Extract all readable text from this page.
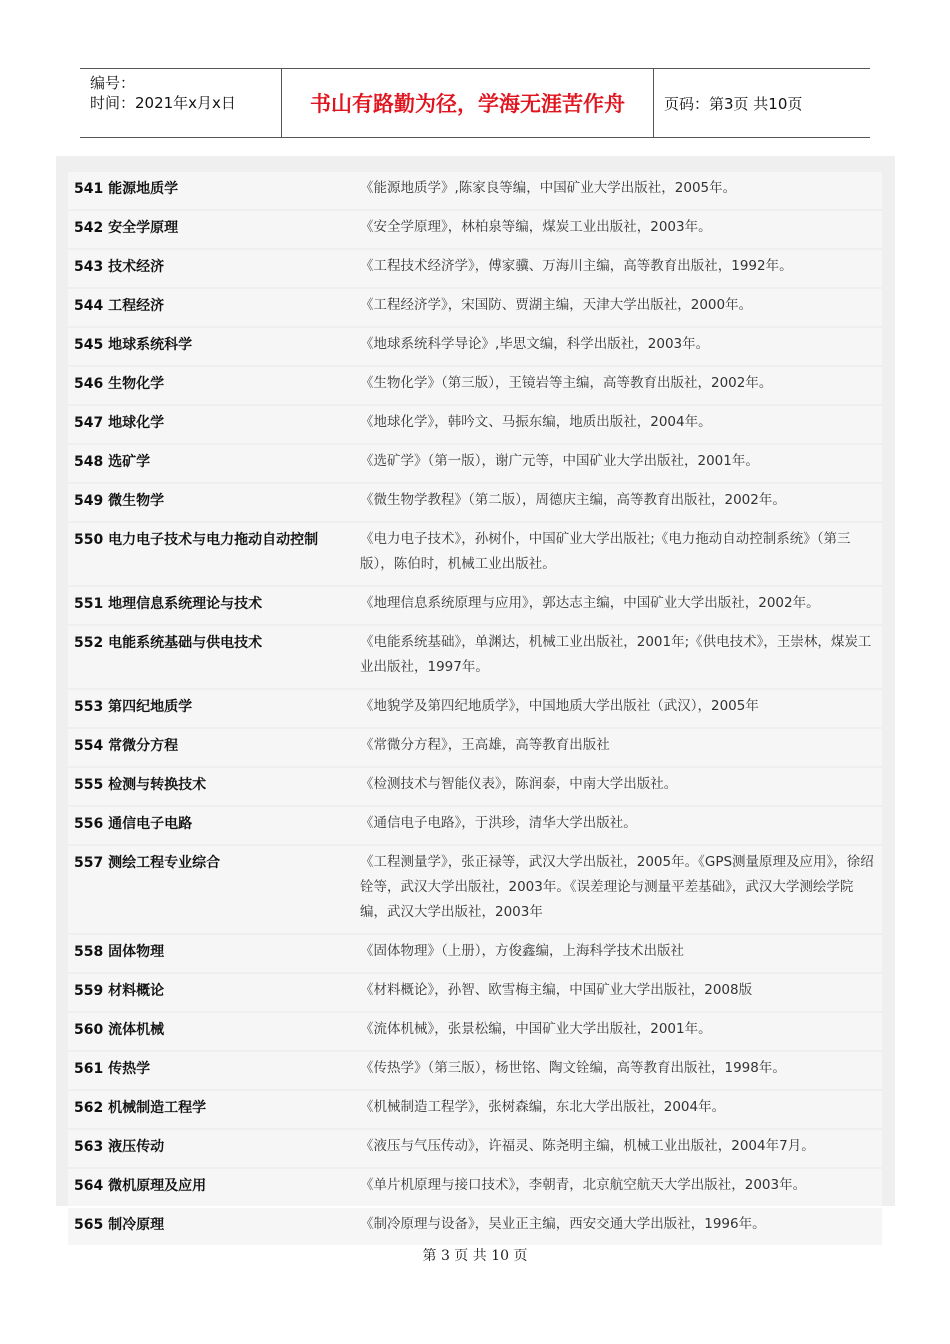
编号：
时间：2021年x月x日	书山有路勤为径，学海无涯苦作舟	页码：第3页 共10页
541 能源地质学	《能源地质学》,陈家良等编，中国矿业大学出版社，2005年。
542 安全学原理	《安全学原理》，林柏泉等编，煤炭工业出版社，2003年。
543 技术经济	《工程技术经济学》，傅家骥、万海川主编，高等教育出版社，1992年。
544 工程经济	《工程经济学》，宋国防、贾湖主编，天津大学出版社，2000年。
545 地球系统科学	《地球系统科学导论》,毕思文编，科学出版社，2003年。
546 生物化学	《生物化学》（第三版），王镜岩等主编，高等教育出版社，2002年。
547 地球化学	《地球化学》，韩吟文、马振东编，地质出版社，2004年。
548 选矿学	《选矿学》（第一版），谢广元等，中国矿业大学出版社，2001年。
549 微生物学	《微生物学教程》（第二版），周德庆主编，高等教育出版社，2002年。
550 电力电子技术与电力拖动自动控制	《电力电子技术》，孙树仆，中国矿业大学出版社;《电力拖动自动控制系统》（第三版），陈伯时，机械工业出版社。
551 地理信息系统理论与技术	《地理信息系统原理与应用》，郭达志主编，中国矿业大学出版社，2002年。
552 电能系统基础与供电技术	《电能系统基础》，单渊达，机械工业出版社，2001年;《供电技术》，王崇林，煤炭工业出版社，1997年。
553 第四纪地质学	《地貌学及第四纪地质学》，中国地质大学出版社（武汉），2005年
554 常微分方程	《常微分方程》，王高雄，高等教育出版社
555 检测与转换技术	《检测技术与智能仪表》，陈润泰，中南大学出版社。
556 通信电子电路	《通信电子电路》，于洪珍，清华大学出版社。
557 测绘工程专业综合	《工程测量学》，张正禄等，武汉大学出版社，2005年。《GPS测量原理及应用》，徐绍铨等，武汉大学出版社，2003年。《误差理论与测量平差基础》，武汉大学测绘学院编，武汉大学出版社，2003年
558 固体物理	《固体物理》（上册），方俊鑫编，上海科学技术出版社
559 材料概论	《材料概论》，孙智、欧雪梅主编，中国矿业大学出版社，2008版
560 流体机械	《流体机械》，张景松编，中国矿业大学出版社，2001年。
561 传热学	《传热学》（第三版），杨世铭、陶文铨编，高等教育出版社，1998年。
562 机械制造工程学	《机械制造工程学》，张树森编，东北大学出版社，2004年。
563 液压传动	《液压与气压传动》，许福灵、陈尧明主编，机械工业出版社，2004年7月。
564 微机原理及应用	《单片机原理与接口技术》，李朝青，北京航空航天大学出版社，2003年。
565 制冷原理	《制冷原理与设备》，吴业正主编，西安交通大学出版社，1996年。
第 3 页 共 10 页
